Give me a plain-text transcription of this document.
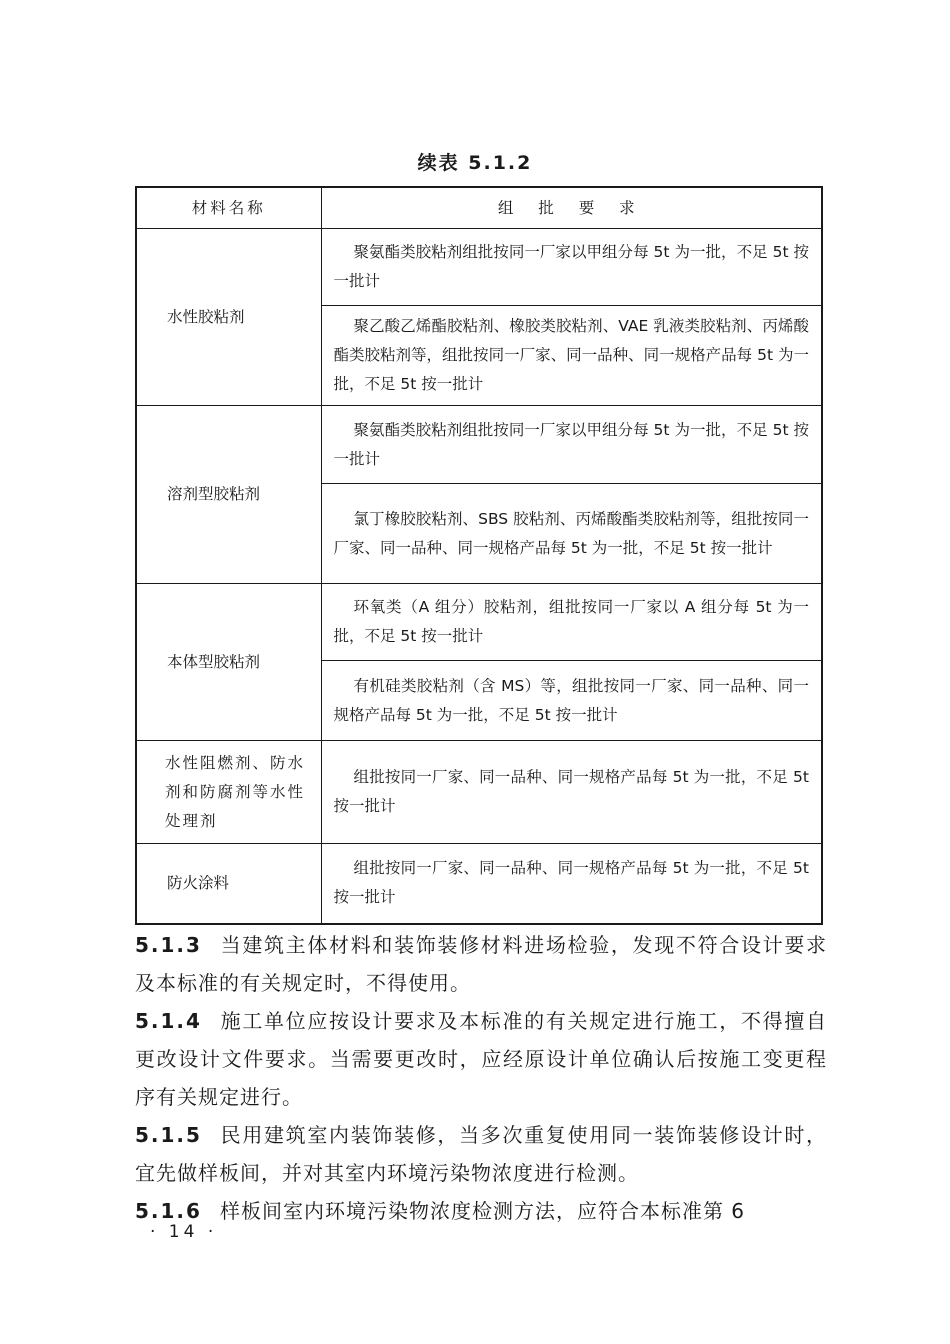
续表 5.1.2
材料名称	组 批 要 求
水性胶粘剂	聚氨酯类胶粘剂组批按同一厂家以甲组分每 5t 为一批，不足 5t 按一批计
	聚乙酸乙烯酯胶粘剂、橡胶类胶粘剂、VAE 乳液类胶粘剂、丙烯酸酯类胶粘剂等，组批按同一厂家、同一品种、同一规格产品每 5t 为一批，不足 5t 按一批计
溶剂型胶粘剂	聚氨酯类胶粘剂组批按同一厂家以甲组分每 5t 为一批，不足 5t 按一批计
	氯丁橡胶胶粘剂、SBS 胶粘剂、丙烯酸酯类胶粘剂等，组批按同一厂家、同一品种、同一规格产品每 5t 为一批，不足 5t 按一批计
本体型胶粘剂	环氧类（A 组分）胶粘剂，组批按同一厂家以 A 组分每 5t 为一批，不足 5t 按一批计
	有机硅类胶粘剂（含 MS）等，组批按同一厂家、同一品种、同一规格产品每 5t 为一批，不足 5t 按一批计
水性阻燃剂、防水剂和防腐剂等水性处理剂	组批按同一厂家、同一品种、同一规格产品每 5t 为一批，不足 5t 按一批计
防火涂料	组批按同一厂家、同一品种、同一规格产品每 5t 为一批，不足 5t 按一批计

5.1.3 当建筑主体材料和装饰装修材料进场检验，发现不符合设计要求及本标准的有关规定时，不得使用。

5.1.4 施工单位应按设计要求及本标准的有关规定进行施工，不得擅自更改设计文件要求。当需要更改时，应经原设计单位确认后按施工变更程序有关规定进行。

5.1.5 民用建筑室内装饰装修，当多次重复使用同一装饰装修设计时，宜先做样板间，并对其室内环境污染物浓度进行检测。

5.1.6 样板间室内环境污染物浓度检测方法，应符合本标准第 6

· 14 ·
